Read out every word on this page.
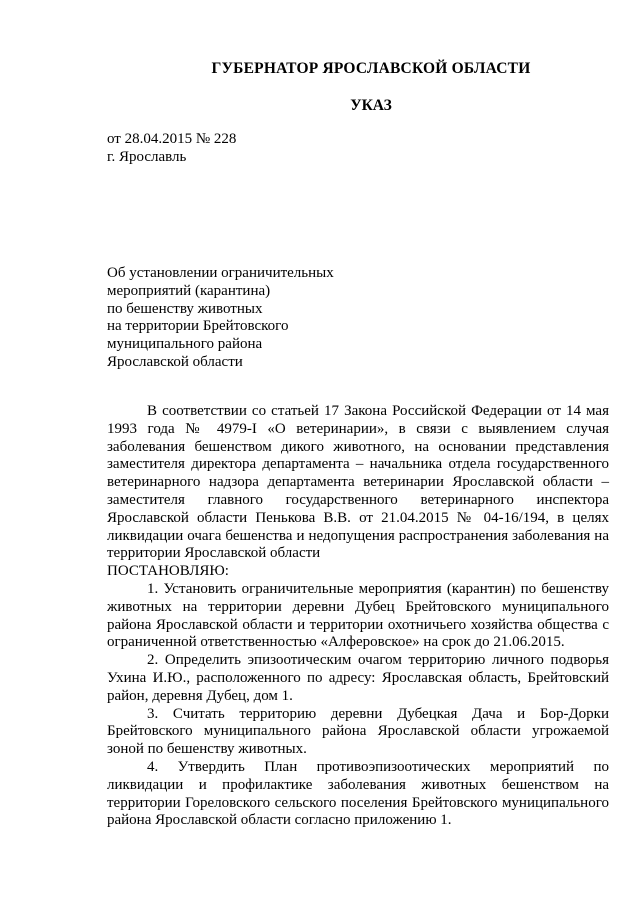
ГУБЕРНАТОР ЯРОСЛАВСКОЙ ОБЛАСТИ
УКАЗ
от 28.04.2015 № 228
г. Ярославль
Об установлении ограничительных
мероприятий (карантина)
по бешенству животных
на территории Брейтовского
муниципального района
Ярославской области

В соответствии со статьей 17 Закона Российской Федерации от 14 мая 1993 года № 4979-I «О ветеринарии», в связи с выявлением случая заболевания бешенством дикого животного, на основании представления заместителя директора департамента – начальника отдела государственного ветеринарного надзора департамента ветеринарии Ярославской области – заместителя главного государственного ветеринарного инспектора Ярославской области Пенькова В.В. от 21.04.2015 № 04-16/194, в целях ликвидации очага бешенства и недопущения распространения заболевания на территории Ярославской области

ПОСТАНОВЛЯЮ:

1. Установить ограничительные мероприятия (карантин) по бешенству животных на территории деревни Дубец Брейтовского муниципального района Ярославской области и территории охотничьего хозяйства общества с ограниченной ответственностью «Алферовское» на срок до 21.06.2015.

2. Определить эпизоотическим очагом территорию личного подворья Ухина И.Ю., расположенного по адресу: Ярославская область, Брейтовский район, деревня Дубец, дом 1.

3. Считать территорию деревни Дубецкая Дача и Бор-Дорки Брейтовского муниципального района Ярославской области угрожаемой зоной по бешенству животных.

4. Утвердить План противоэпизоотических мероприятий по ликвидации и профилактике заболевания животных бешенством на территории Гореловского сельского поселения Брейтовского муниципального района Ярославской области согласно приложению 1.
